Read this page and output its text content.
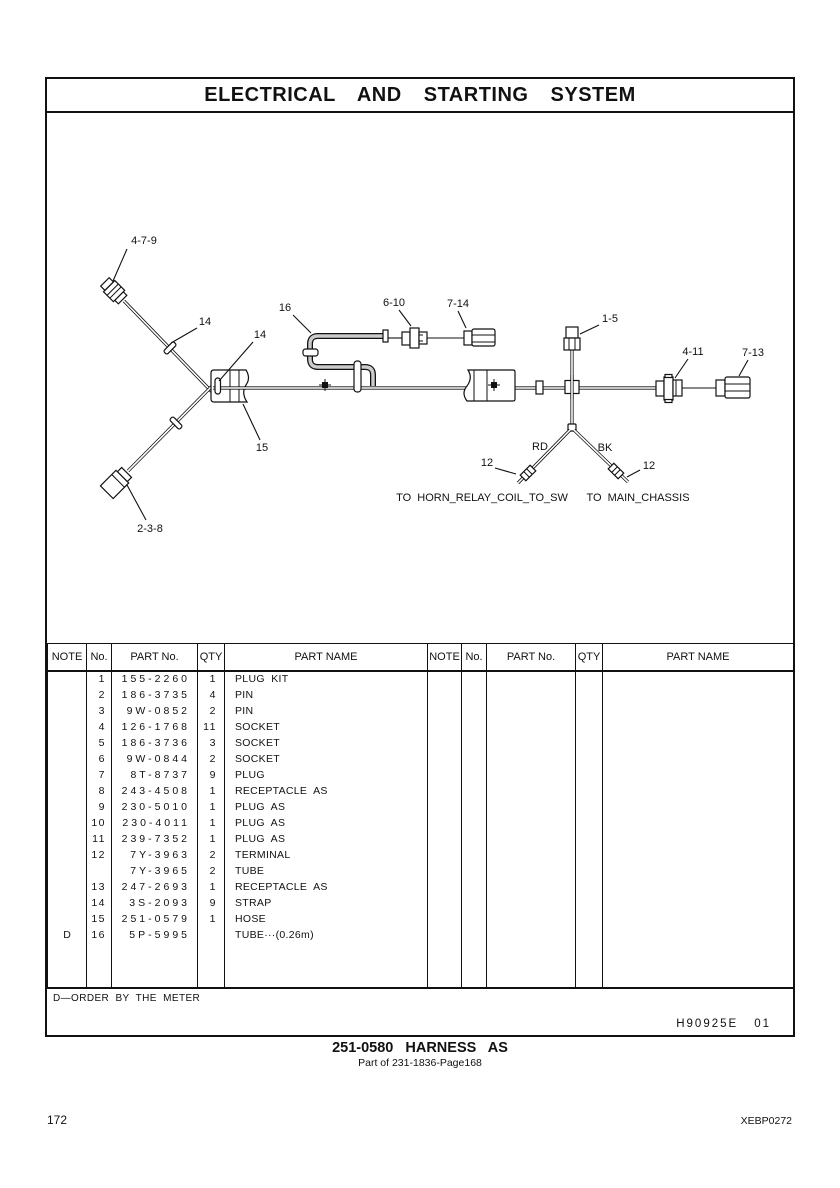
ELECTRICAL AND STARTING SYSTEM
4-7-9
14
14
15
2-3-8
16	6-10	7-14
1-5
4-11	7-13
12	12
RD	BK
TO  HORN_RELAY_COIL_TO_SW TO  MAIN_CHASSIS
NOTE	No.	PART No.	QTY	PART NAME	NOTE	No.	PART No.	QTY	PART NAME
	1	155-2260	1	PLUG  KIT					
	2	186-3735	4	PIN					
	3	9W-0852	2	PIN					
	4	126-1768	11	SOCKET					
	5	186-3736	3	SOCKET					
	6	9W-0844	2	SOCKET					
	7	8T-8737	9	PLUG					
	8	243-4508	1	RECEPTACLE  AS					
	9	230-5010	1	PLUG  AS					
	10	230-4011	1	PLUG  AS					
	11	239-7352	1	PLUG  AS					
	12	7Y-3963	2	TERMINAL					
		7Y-3965	2	TUBE					
	13	247-2693	1	RECEPTACLE  AS					
	14	3S-2093	9	STRAP					
	15	251-0579	1	HOSE					
D	16	5P-5995		TUBE···(0.26m)					

D—ORDER  BY  THE  METER
H90925E 01
251-0580 HARNESS AS
Part of 231-1836-Page168
172	XEBP0272
